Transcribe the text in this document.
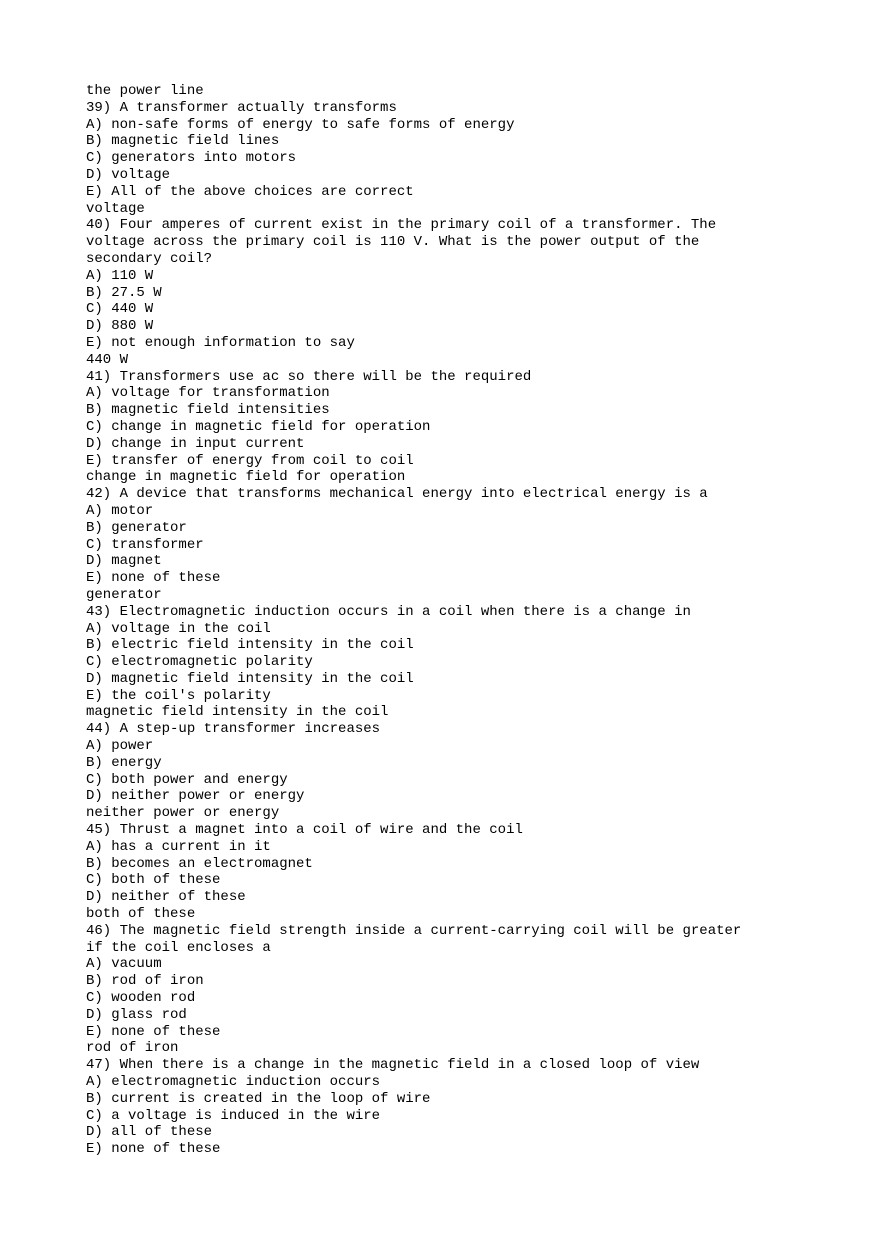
the power line
39) A transformer actually transforms
A) non-safe forms of energy to safe forms of energy
B) magnetic field lines
C) generators into motors
D) voltage
E) All of the above choices are correct
voltage
40) Four amperes of current exist in the primary coil of a transformer. The
voltage across the primary coil is 110 V. What is the power output of the
secondary coil?
A) 110 W
B) 27.5 W
C) 440 W
D) 880 W
E) not enough information to say
440 W
41) Transformers use ac so there will be the required
A) voltage for transformation
B) magnetic field intensities
C) change in magnetic field for operation
D) change in input current
E) transfer of energy from coil to coil
change in magnetic field for operation
42) A device that transforms mechanical energy into electrical energy is a
A) motor
B) generator
C) transformer
D) magnet
E) none of these
generator
43) Electromagnetic induction occurs in a coil when there is a change in
A) voltage in the coil
B) electric field intensity in the coil
C) electromagnetic polarity
D) magnetic field intensity in the coil
E) the coil's polarity
magnetic field intensity in the coil
44) A step-up transformer increases
A) power
B) energy
C) both power and energy
D) neither power or energy
neither power or energy
45) Thrust a magnet into a coil of wire and the coil
A) has a current in it
B) becomes an electromagnet
C) both of these
D) neither of these
both of these
46) The magnetic field strength inside a current-carrying coil will be greater
if the coil encloses a
A) vacuum
B) rod of iron
C) wooden rod
D) glass rod
E) none of these
rod of iron
47) When there is a change in the magnetic field in a closed loop of view
A) electromagnetic induction occurs
B) current is created in the loop of wire
C) a voltage is induced in the wire
D) all of these
E) none of these
